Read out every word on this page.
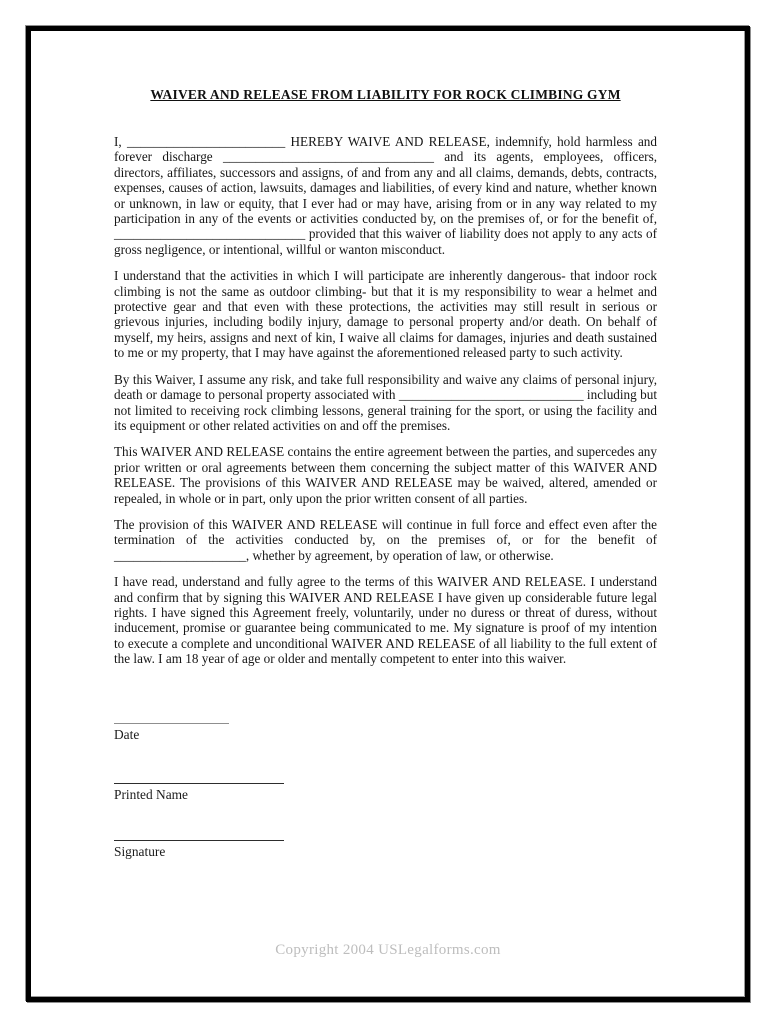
WAIVER AND RELEASE FROM LIABILITY FOR ROCK CLIMBING GYM

I, ________________________ HEREBY WAIVE AND RELEASE, indemnify, hold harmless and forever discharge ________________________________ and its agents, employees, officers, directors, affiliates, successors and assigns, of and from any and all claims, demands, debts, contracts, expenses, causes of action, lawsuits, damages and liabilities, of every kind and nature, whether known or unknown, in law or equity, that I ever had or may have, arising from or in any way related to my participation in any of the events or activities conducted by, on the premises of, or for the benefit of, _____________________________ provided that this waiver of liability does not apply to any acts of gross negligence, or intentional, willful or wanton misconduct.

I understand that the activities in which I will participate are inherently dangerous- that indoor rock climbing is not the same as outdoor climbing- but that it is my responsibility to wear a helmet and protective gear and that even with these protections, the activities may still result in serious or grievous injuries, including bodily injury, damage to personal property and/or death. On behalf of myself, my heirs, assigns and next of kin, I waive all claims for damages, injuries and death sustained to me or my property, that I may have against the aforementioned released party to such activity.

By this Waiver, I assume any risk, and take full responsibility and waive any claims of personal injury, death or damage to personal property associated with ____________________________ including but not limited to receiving rock climbing lessons, general training for the sport, or using the facility and its equipment or other related activities on and off the premises.

This WAIVER AND RELEASE contains the entire agreement between the parties, and supercedes any prior written or oral agreements between them concerning the subject matter of this WAIVER AND RELEASE. The provisions of this WAIVER AND RELEASE may be waived, altered, amended or repealed, in whole or in part, only upon the prior written consent of all parties.

The provision of this WAIVER AND RELEASE will continue in full force and effect even after the termination of the activities conducted by, on the premises of, or for the benefit of ____________________, whether by agreement, by operation of law, or otherwise.

I have read, understand and fully agree to the terms of this WAIVER AND RELEASE. I understand and confirm that by signing this WAIVER AND RELEASE I have given up considerable future legal rights. I have signed this Agreement freely, voluntarily, under no duress or threat of duress, without inducement, promise or guarantee being communicated to me. My signature is proof of my intention to execute a complete and unconditional WAIVER AND RELEASE of all liability to the full extent of the law. I am 18 year of age or older and mentally competent to enter into this waiver.

Date
Printed Name
Signature
Copyright 2004 USLegalforms.com
